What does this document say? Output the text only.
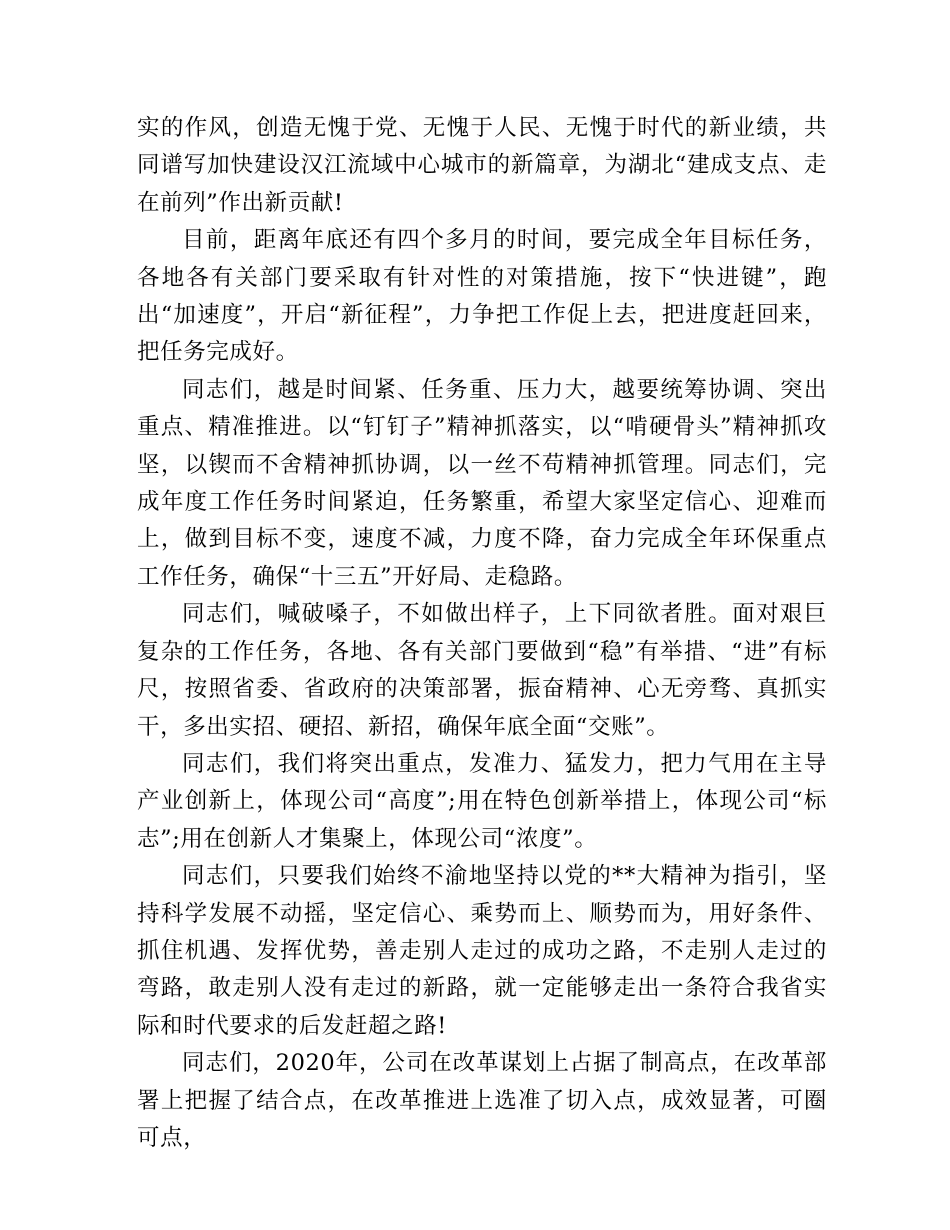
实的作风，创造无愧于党、无愧于人民、无愧于时代的新业绩，共同谱写加快建设汉江流域中心城市的新篇章，为湖北“建成支点、走在前列”作出新贡献!

目前，距离年底还有四个多月的时间，要完成全年目标任务，各地各有关部门要采取有针对性的对策措施，按下“快进键”，跑出“加速度”，开启“新征程”，力争把工作促上去，把进度赶回来，把任务完成好。

同志们，越是时间紧、任务重、压力大，越要统筹协调、突出重点、精准推进。以“钉钉子”精神抓落实，以“啃硬骨头”精神抓攻坚，以锲而不舍精神抓协调，以一丝不苟精神抓管理。同志们，完成年度工作任务时间紧迫，任务繁重，希望大家坚定信心、迎难而上，做到目标不变，速度不减，力度不降，奋力完成全年环保重点工作任务，确保“十三五”开好局、走稳路。

同志们，喊破嗓子，不如做出样子，上下同欲者胜。面对艰巨复杂的工作任务，各地、各有关部门要做到“稳”有举措、“进”有标尺，按照省委、省政府的决策部署，振奋精神、心无旁骛、真抓实干，多出实招、硬招、新招，确保年底全面“交账”。

同志们，我们将突出重点，发准力、猛发力，把力气用在主导产业创新上，体现公司“高度”;用在特色创新举措上，体现公司“标志”;用在创新人才集聚上，体现公司“浓度”。

同志们，只要我们始终不渝地坚持以党的**大精神为指引，坚持科学发展不动摇，坚定信心、乘势而上、顺势而为，用好条件、抓住机遇、发挥优势，善走别人走过的成功之路，不走别人走过的弯路，敢走别人没有走过的新路，就一定能够走出一条符合我省实际和时代要求的后发赶超之路!

同志们，2020年，公司在改革谋划上占据了制高点，在改革部署上把握了结合点，在改革推进上选准了切入点，成效显著，可圈可点，
